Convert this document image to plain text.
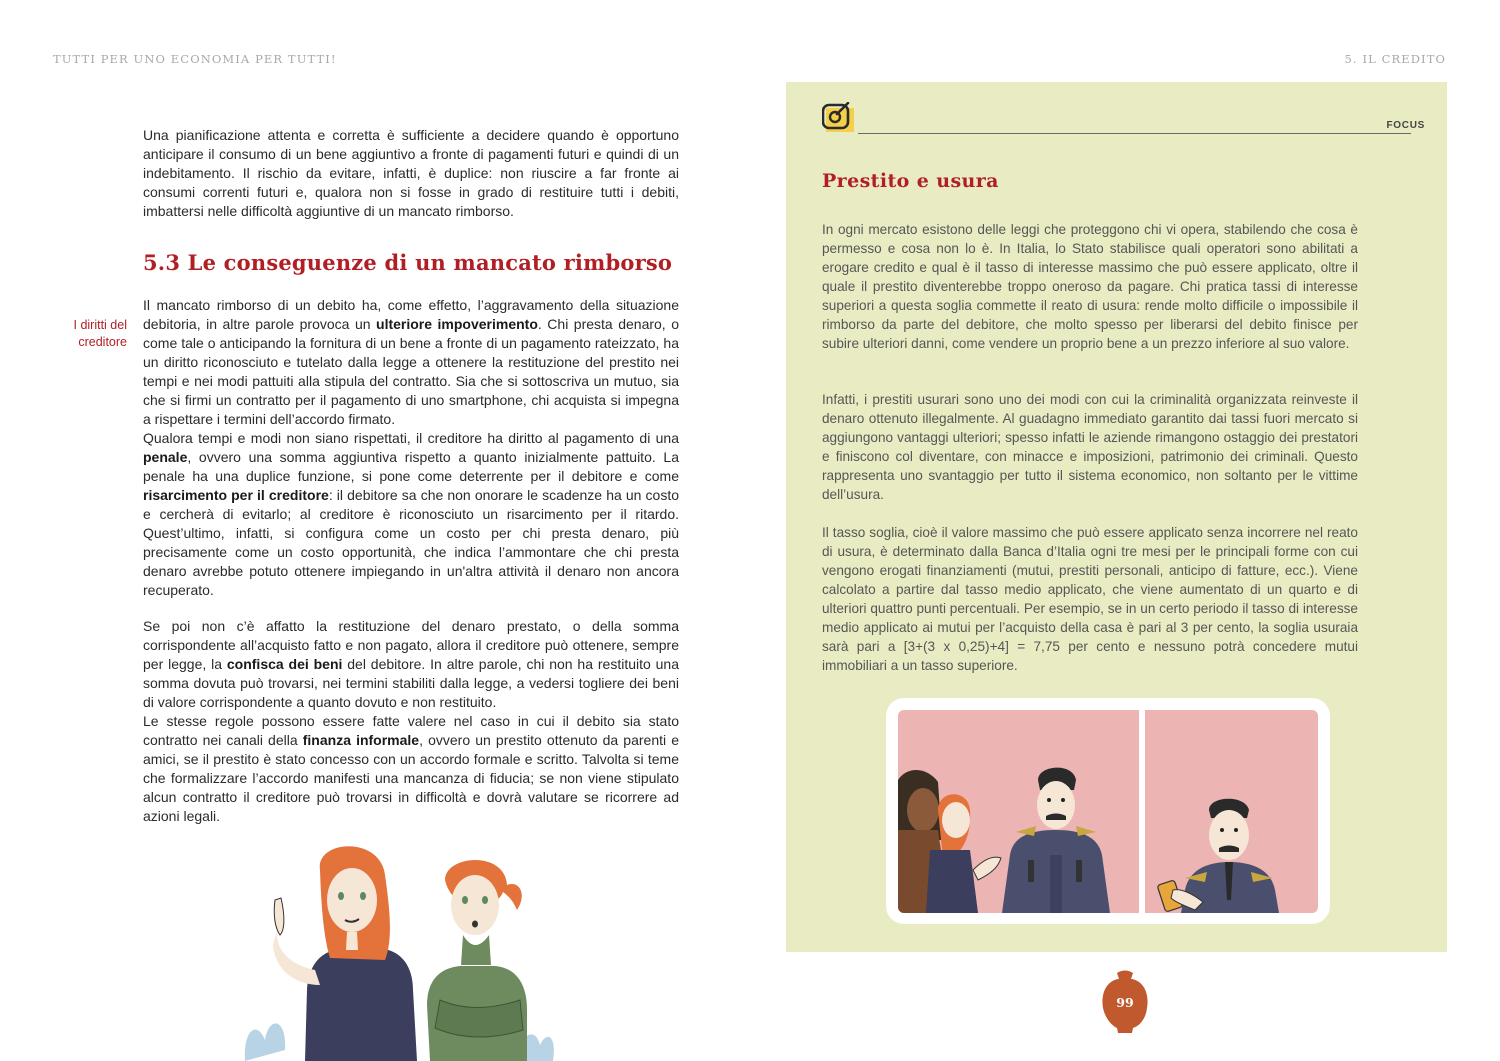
TUTTI PER UNO ECONOMIA PER TUTTI!	5. IL CREDITO

Una pianificazione attenta e corretta è sufficiente a decidere quando è opportuno anticipare il consumo di un bene aggiuntivo a fronte di pagamenti futuri e quindi di un indebitamento. Il rischio da evitare, infatti, è duplice: non riuscire a far fronte ai consumi correnti futuri e, qualora non si fosse in grado di restituire tutti i debiti, imbattersi nelle difficoltà aggiuntive di un mancato rimborso.

5.3 Le conseguenze di un mancato rimborso
I diritti del creditore

Il mancato rimborso di un debito ha, come effetto, l’aggravamento della situazione debitoria, in altre parole provoca un ulteriore impoverimento. Chi presta denaro, o come tale o anticipando la fornitura di un bene a fronte di un pagamento rateizzato, ha un diritto riconosciuto e tutelato dalla legge a ottenere la restituzione del prestito nei tempi e nei modi pattuiti alla stipula del contratto. Sia che si sottoscriva un mutuo, sia che si firmi un contratto per il pagamento di uno smartphone, chi acquista si impegna a rispettare i termini dell’accordo firmato.

Qualora tempi e modi non siano rispettati, il creditore ha diritto al pagamento di una penale, ovvero una somma aggiuntiva rispetto a quanto inizialmente pattuito. La penale ha una duplice funzione, si pone come deterrente per il debitore e come risarcimento per il creditore: il debitore sa che non onorare le scadenze ha un costo e cercherà di evitarlo; al creditore è riconosciuto un risarcimento per il ritardo. Quest’ultimo, infatti, si configura come un costo per chi presta denaro, più precisamente come un costo opportunità, che indica l’ammontare che chi presta denaro avrebbe potuto ottenere impiegando in un'altra attività il denaro non ancora recuperato.

Se poi non c’è affatto la restituzione del denaro prestato, o della somma corrispondente all’acquisto fatto e non pagato, allora il creditore può ottenere, sempre per legge, la confisca dei beni del debitore. In altre parole, chi non ha restituito una somma dovuta può trovarsi, nei termini stabiliti dalla legge, a vedersi togliere dei beni di valore corrispondente a quanto dovuto e non restituito.

Le stesse regole possono essere fatte valere nel caso in cui il debito sia stato contratto nei canali della finanza informale, ovvero un prestito ottenuto da parenti e amici, se il prestito è stato concesso con un accordo formale e scritto. Talvolta si teme che formalizzare l’accordo manifesti una mancanza di fiducia; se non viene stipulato alcun contratto il creditore può trovarsi in difficoltà e dovrà valutare se ricorrere ad azioni legali.

FOCUS
Prestito e usura

In ogni mercato esistono delle leggi che proteggono chi vi opera, stabilendo che cosa è permesso e cosa non lo è. In Italia, lo Stato stabilisce quali operatori sono abilitati a erogare credito e qual è il tasso di interesse massimo che può essere applicato, oltre il quale il prestito diventerebbe troppo oneroso da pagare. Chi pratica tassi di interesse superiori a questa soglia commette il reato di usura: rende molto difficile o impossibile il rimborso da parte del debitore, che molto spesso per liberarsi del debito finisce per subire ulteriori danni, come vendere un proprio bene a un prezzo inferiore al suo valore.

Infatti, i prestiti usurari sono uno dei modi con cui la criminalità organizzata reinveste il denaro ottenuto illegalmente. Al guadagno immediato garantito dai tassi fuori mercato si aggiungono vantaggi ulteriori; spesso infatti le aziende rimangono ostaggio dei prestatori e finiscono col diventare, con minacce e imposizioni, patrimonio dei criminali. Questo rappresenta uno svantaggio per tutto il sistema economico, non soltanto per le vittime dell’usura.

Il tasso soglia, cioè il valore massimo che può essere applicato senza incorrere nel reato di usura, è determinato dalla Banca d’Italia ogni tre mesi per le principali forme con cui vengono erogati finanziamenti (mutui, prestiti personali, anticipo di fatture, ecc.). Viene calcolato a partire dal tasso medio applicato, che viene aumentato di un quarto e di ulteriori quattro punti percentuali. Per esempio, se in un certo periodo il tasso di interesse medio applicato ai mutui per l’acquisto della casa è pari al 3 per cento, la soglia usuraia sarà pari a [3+(3 x 0,25)+4] = 7,75 per cento e nessuno potrà concedere mutui immobiliari a un tasso superiore.

99
